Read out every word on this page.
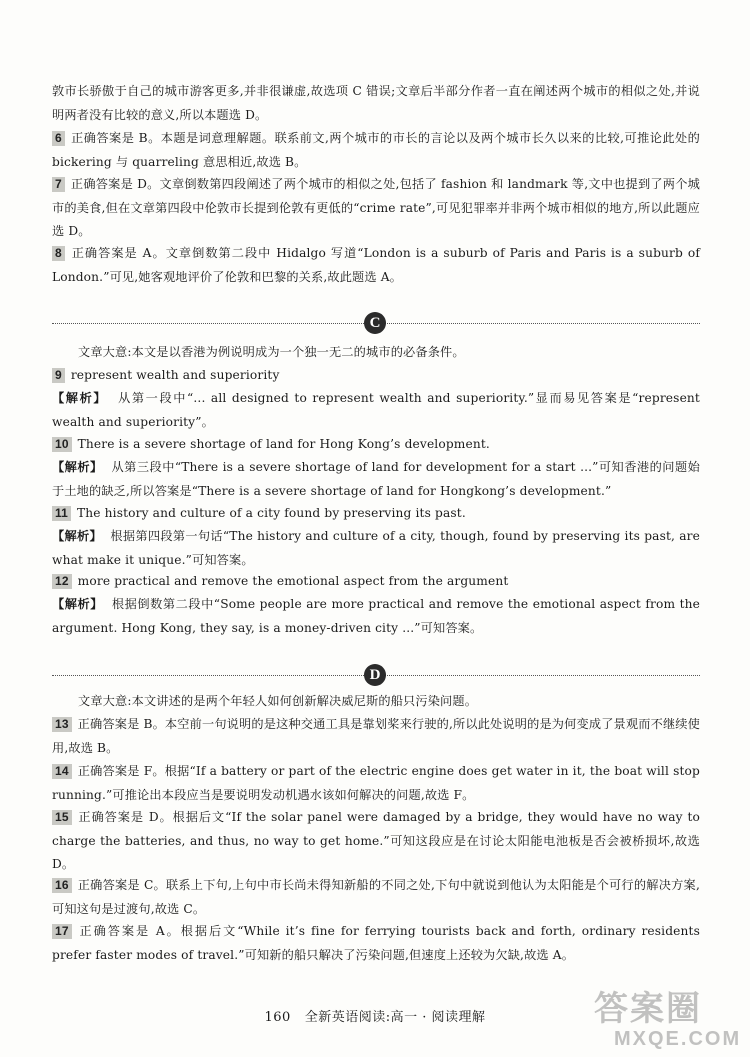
敦市长骄傲于自己的城市游客更多,并非很谦虚,故选项 C 错误;文章后半部分作者一直在阐述两个城市的相似之处,并说明两者没有比较的意义,所以本题选 D。
6 正确答案是 B。本题是词意理解题。联系前文,两个城市的市长的言论以及两个城市长久以来的比较,可推论此处的 bickering 与 quarreling 意思相近,故选 B。
7 正确答案是 D。文章倒数第四段阐述了两个城市的相似之处,包括了 fashion 和 landmark 等,文中也提到了两个城市的美食,但在文章第四段中伦敦市长提到伦敦有更低的“crime rate”,可见犯罪率并非两个城市相似的地方,所以此题应选 D。
8 正确答案是 A。文章倒数第二段中 Hidalgo 写道“London is a suburb of Paris and Paris is a suburb of London.”可见,她客观地评价了伦敦和巴黎的关系,故此题选 A。
C
文章大意:本文是以香港为例说明成为一个独一无二的城市的必备条件。
9 represent wealth and superiority
【解析】 从第一段中“... all designed to represent wealth and superiority.”显而易见答案是“represent wealth and superiority”。
10 There is a severe shortage of land for Hong Kong’s development.
【解析】 从第三段中“There is a severe shortage of land for development for a start ...”可知香港的问题始于土地的缺乏,所以答案是“There is a severe shortage of land for Hongkong’s development.”
11 The history and culture of a city found by preserving its past.
【解析】 根据第四段第一句话“The history and culture of a city, though, found by preserving its past, are what make it unique.”可知答案。
12 more practical and remove the emotional aspect from the argument
【解析】 根据倒数第二段中“Some people are more practical and remove the emotional aspect from the argument. Hong Kong, they say, is a money-driven city ...”可知答案。
D
文章大意:本文讲述的是两个年轻人如何创新解决威尼斯的船只污染问题。
13 正确答案是 B。本空前一句说明的是这种交通工具是靠划桨来行驶的,所以此处说明的是为何变成了景观而不继续使用,故选 B。
14 正确答案是 F。根据“If a battery or part of the electric engine does get water in it, the boat will stop running.”可推论出本段应当是要说明发动机遇水该如何解决的问题,故选 F。
15 正确答案是 D。根据后文“If the solar panel were damaged by a bridge, they would have no way to charge the batteries, and thus, no way to get home.”可知这段应是在讨论太阳能电池板是否会被桥损坏,故选 D。
16 正确答案是 C。联系上下句,上句中市长尚未得知新船的不同之处,下句中就说到他认为太阳能是个可行的解决方案,可知这句是过渡句,故选 C。
17 正确答案是 A。根据后文“While it’s fine for ferrying tourists back and forth, ordinary residents prefer faster modes of travel.”可知新的船只解决了污染问题,但速度上还较为欠缺,故选 A。
160 全新英语阅读:高一 · 阅读理解	答案圈
MXQE.COM
